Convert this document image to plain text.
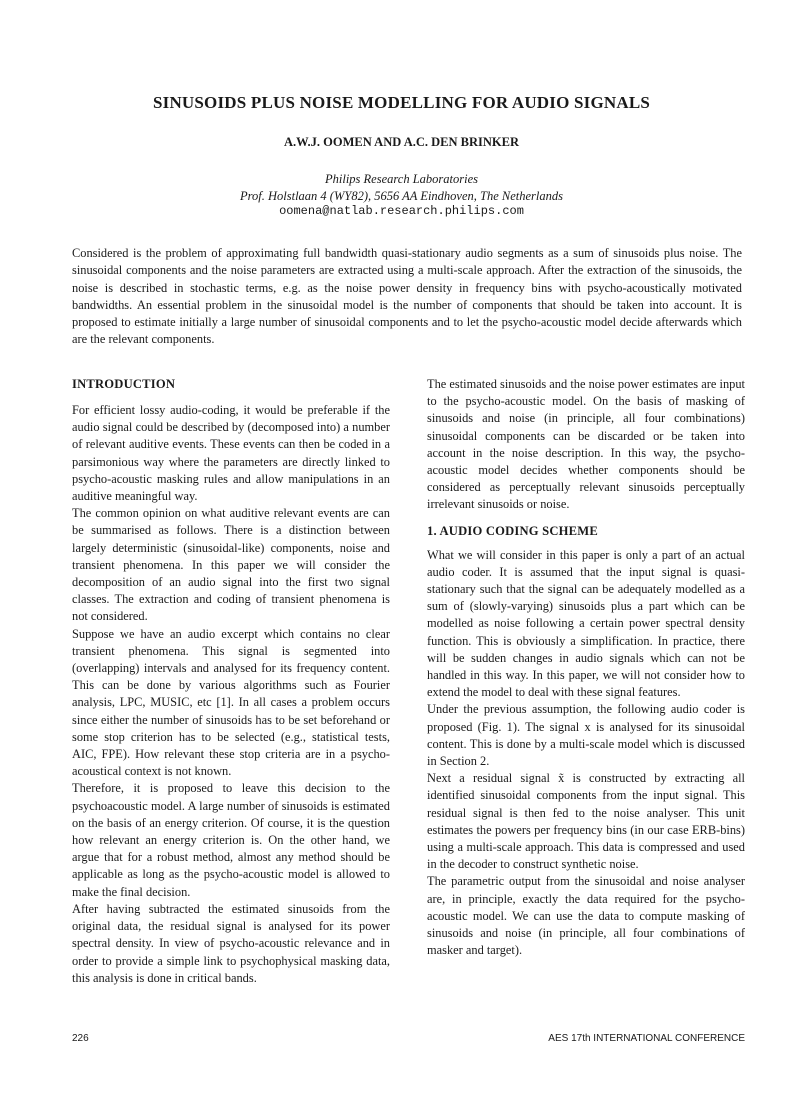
SINUSOIDS PLUS NOISE MODELLING FOR AUDIO SIGNALS
A.W.J. OOMEN AND A.C. DEN BRINKER
Philips Research Laboratories
Prof. Holstlaan 4 (WY82), 5656 AA Eindhoven, The Netherlands
oomena@natlab.research.philips.com

Considered is the problem of approximating full bandwidth quasi-stationary audio segments as a sum of sinusoids plus noise. The sinusoidal components and the noise parameters are extracted using a multi-scale approach. After the extraction of the sinusoids, the noise is described in stochastic terms, e.g. as the noise power density in frequency bins with psycho-acoustically motivated bandwidths. An essential problem in the sinusoidal model is the number of components that should be taken into account. It is proposed to estimate initially a large number of sinusoidal components and to let the psycho-acoustic model decide afterwards which are the relevant components.

INTRODUCTION

For efficient lossy audio-coding, it would be preferable if the audio signal could be described by (decomposed into) a number of relevant auditive events. These events can then be coded in a parsimonious way where the parameters are directly linked to psycho-acoustic masking rules and allow manipulations in an auditive meaningful way.

The common opinion on what auditive relevant events are can be summarised as follows. There is a distinction between largely deterministic (sinusoidal-like) components, noise and transient phenomena. In this paper we will consider the decomposition of an audio signal into the first two signal classes. The extraction and coding of transient phenomena is not considered.

Suppose we have an audio excerpt which contains no clear transient phenomena. This signal is segmented into (overlapping) intervals and analysed for its frequency content. This can be done by various algorithms such as Fourier analysis, LPC, MUSIC, etc [1]. In all cases a problem occurs since either the number of sinusoids has to be set beforehand or some stop criterion has to be selected (e.g., statistical tests, AIC, FPE). How relevant these stop criteria are in a psycho-acoustical context is not known.

Therefore, it is proposed to leave this decision to the psychoacoustic model. A large number of sinusoids is estimated on the basis of an energy criterion. Of course, it is the question how relevant an energy criterion is. On the other hand, we argue that for a robust method, almost any method should be applicable as long as the psycho-acoustic model is allowed to make the final decision.

After having subtracted the estimated sinusoids from the original data, the residual signal is analysed for its power spectral density. In view of psycho-acoustic relevance and in order to provide a simple link to psychophysical masking data, this analysis is done in critical bands.

The estimated sinusoids and the noise power estimates are input to the psycho-acoustic model. On the basis of masking of sinusoids and noise (in principle, all four combinations) sinusoidal components can be discarded or be taken into account in the noise description. In this way, the psycho-acoustic model decides whether components should be considered as perceptually relevant sinusoids perceptually irrelevant sinusoids or noise.

1. AUDIO CODING SCHEME

What we will consider in this paper is only a part of an actual audio coder. It is assumed that the input signal is quasi-stationary such that the signal can be adequately modelled as a sum of (slowly-varying) sinusoids plus a part which can be modelled as noise following a certain power spectral density function. This is obviously a simplification. In practice, there will be sudden changes in audio signals which can not be handled in this way. In this paper, we will not consider how to extend the model to deal with these signal features.

Under the previous assumption, the following audio coder is proposed (Fig. 1). The signal x is analysed for its sinusoidal content. This is done by a multi-scale model which is discussed in Section 2.

Next a residual signal x̃ is constructed by extracting all identified sinusoidal components from the input signal. This residual signal is then fed to the noise analyser. This unit estimates the powers per frequency bins (in our case ERB-bins) using a multi-scale approach. This data is compressed and used in the decoder to construct synthetic noise.

The parametric output from the sinusoidal and noise analyser are, in principle, exactly the data required for the psycho-acoustic model. We can use the data to compute masking of sinusoids and noise (in principle, all four combinations of masker and target).

226	AES 17th INTERNATIONAL CONFERENCE
